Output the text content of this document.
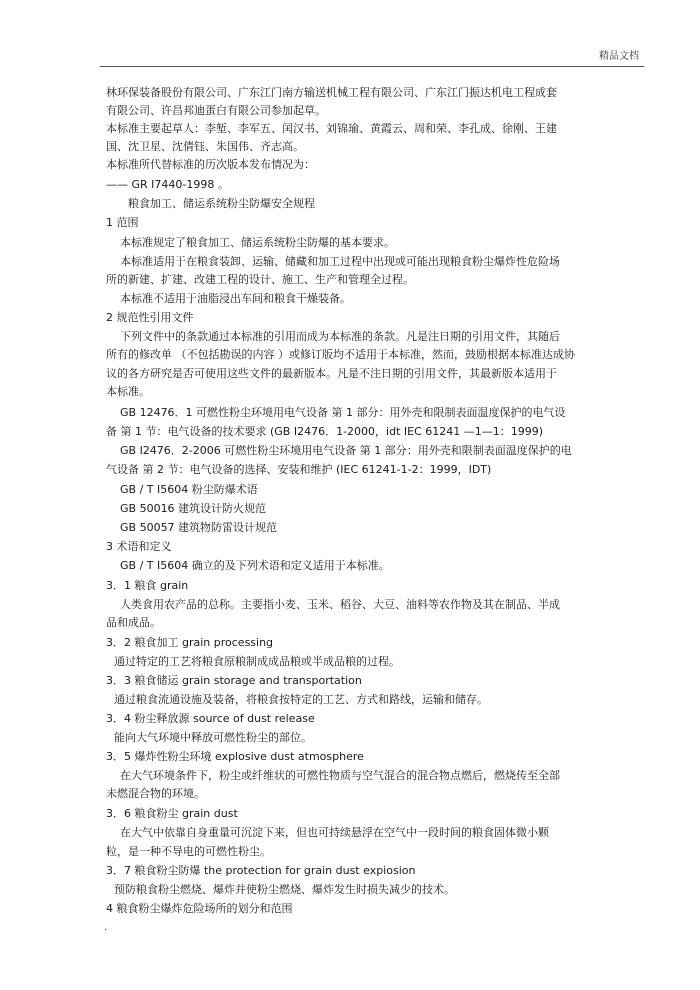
精品文档

林环保装备股份有限公司、广东江门南方输送机械工程有限公司、广东江门振达机电工程成套

有限公司、许昌邦迪蛋白有限公司参加起草。

本标准主要起草人：李堑、李军五、闰汉书、刘锦瑜、黄霞云、周和荣、李孔成、徐刚、王建

国、沈卫星、沈倩钰、朱国伟、齐志高。

本标准所代替标准的历次版本发布情况为：

—— GR I7440-1998 。

粮食加工、储运系统粉尘防爆安全规程

1 范围

本标准规定了粮食加工、储运系统粉尘防爆的基本要求。

本标准适用于在粮食装卸、运输、储藏和加工过程中出现或可能出现粮食粉尘爆炸性危险场

所的新建、扩建、改建工程的设计、施工、生产和管理全过程。

本标准不适用于油脂浸出车间和粮食干燥装备。

2 规范性引用文件

下列文件中的条款通过本标准的引用而成为本标准的条款。凡是注日期的引用文件，其随后

所有的修改单 （不包括勘误的内容 ）或修订版均不适用于本标准，然而，鼓励根据本标准达成协

议的各方研究是否可使用这些文件的最新版本。凡是不注日期的引用文件，其最新版本适用于

本标准。

GB 12476．1 可燃性粉尘环境用电气设备 第 1 部分：用外壳和限制表面温度保护的电气设

备 第 1 节：电气设备的技术要求 (GB I2476．1-2000，idt IEC 61241 —1—1：1999)

GB I2476．2-2006 可燃性粉尘环境用电气设备 第 1 部分：用外壳和限制表面温度保护的电

气设备 第 2 节：电气设备的选择、安装和维护 (IEC 61241-1-2：1999，IDT)

GB / T I5604 粉尘防爆术语

GB 50016 建筑设计防火规范

GB 50057 建筑物防雷设计规范

3 术语和定义

GB / T I5604 确立的及下列术语和定义适用于本标准。

3．1 粮食 grain

人类食用农产品的总称。主要指小麦、玉米、稻谷、大豆、油料等农作物及其在制品、半成

品和成品。

3．2 粮食加工 grain processing

通过特定的工艺将粮食原粮制成成品粮或半成品粮的过程。

3．3 粮食储运 grain storage and transportation

通过粮食流通设施及装备，将粮食按特定的工艺、方式和路线，运输和储存。

3．4 粉尘释放源 source of dust release

能向大气环境中释放可燃性粉尘的部位。

3．5 爆炸性粉尘环境 explosive dust atmosphere

在大气环境条件下，粉尘或纤维状的可燃性物质与空气混合的混合物点燃后，燃烧传至全部

未燃混合物的环境。

3．6 粮食粉尘 grain dust

在大气中依靠自身重量可沉淀下来，但也可持续悬浮在空气中一段时间的粮食固体微小颗

粒，是一种不导电的可燃性粉尘。

3．7 粮食粉尘防爆 the protection for grain dust expiosion

预防粮食粉尘燃烧、爆炸并使粉尘燃烧、爆炸发生时损失减少的技术。

4 粮食粉尘爆炸危险场所的划分和范围

.
